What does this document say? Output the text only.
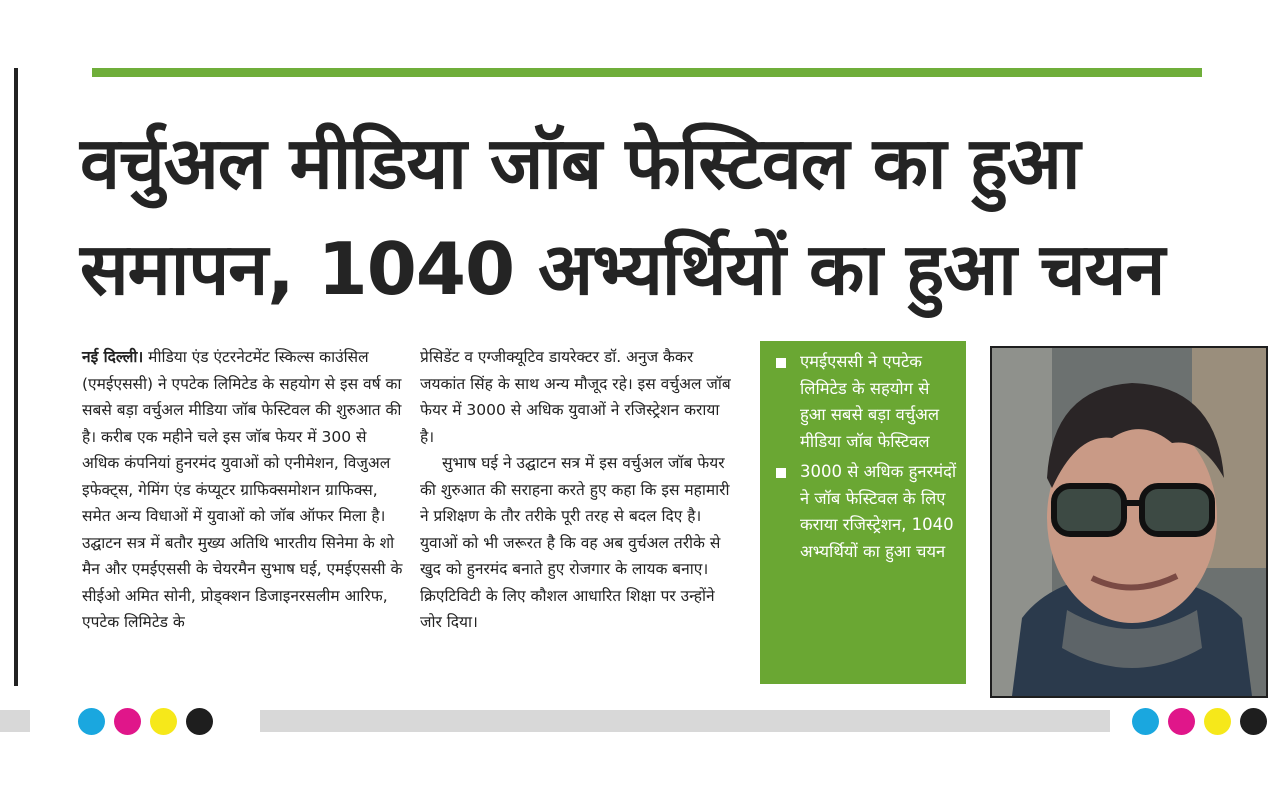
वर्चुअल मीडिया जॉब फेस्टिवल का हुआ
समापन, 1040 अभ्यर्थियों का हुआ चयन

नई दिल्ली। मीडिया एंड एंटरनेटमेंट स्किल्स काउंसिल (एमईएससी) ने एपटेक लिमिटेड के सहयोग से इस वर्ष का सबसे बड़ा वर्चुअल मीडिया जॉब फेस्टिवल की शुरुआत की है। करीब एक महीने चले इस जॉब फेयर में 300 से अधिक कंपनियां हुनरमंद युवाओं को एनीमेशन, विजुअल इफेक्ट्स, गेमिंग एंड कंप्यूटर ग्राफिक्समोशन ग्राफिक्स, समेत अन्य विधाओं में युवाओं को जॉब ऑफर मिला है। उद्घाटन सत्र में बतौर मुख्य अतिथि भारतीय सिनेमा के शो मैन और एमईएससी के चेयरमैन सुभाष घई, एमईएससी के सीईओ अमित सोनी, प्रोड्क्शन डिजाइनरसलीम आरिफ, एपटेक लिमिटेड के

प्रेसिडेंट व एग्जीक्यूटिव डायरेक्टर डॉ. अनुज कैकर जयकांत सिंह के साथ अन्य मौजूद रहे। इस वर्चुअल जॉब फेयर में 3000 से अधिक युवाओं ने रजिस्ट्रेशन कराया है।

सुभाष घई ने उद्घाटन सत्र में इस वर्चुअल जॉब फेयर की शुरुआत की सराहना करते हुए कहा कि इस महामारी ने प्रशिक्षण के तौर तरीके पूरी तरह से बदल दिए है। युवाओं को भी जरूरत है कि वह अब वुर्चअल तरीके से खुद को हुनरमंद बनाते हुए रोजगार के लायक बनाए। क्रिएटिविटी के लिए कौशल आधारित शिक्षा पर उन्होंने जोर दिया।

एमईएससी ने एपटेक लिमिटेड के सहयोग से हुआ सबसे बड़ा वर्चुअल मीडिया जॉब फेस्टिवल
3000 से अधिक हुनरमंदों ने जॉब फेस्टिवल के लिए कराया रजिस्ट्रेशन, 1040 अभ्यर्थियों का हुआ चयन
